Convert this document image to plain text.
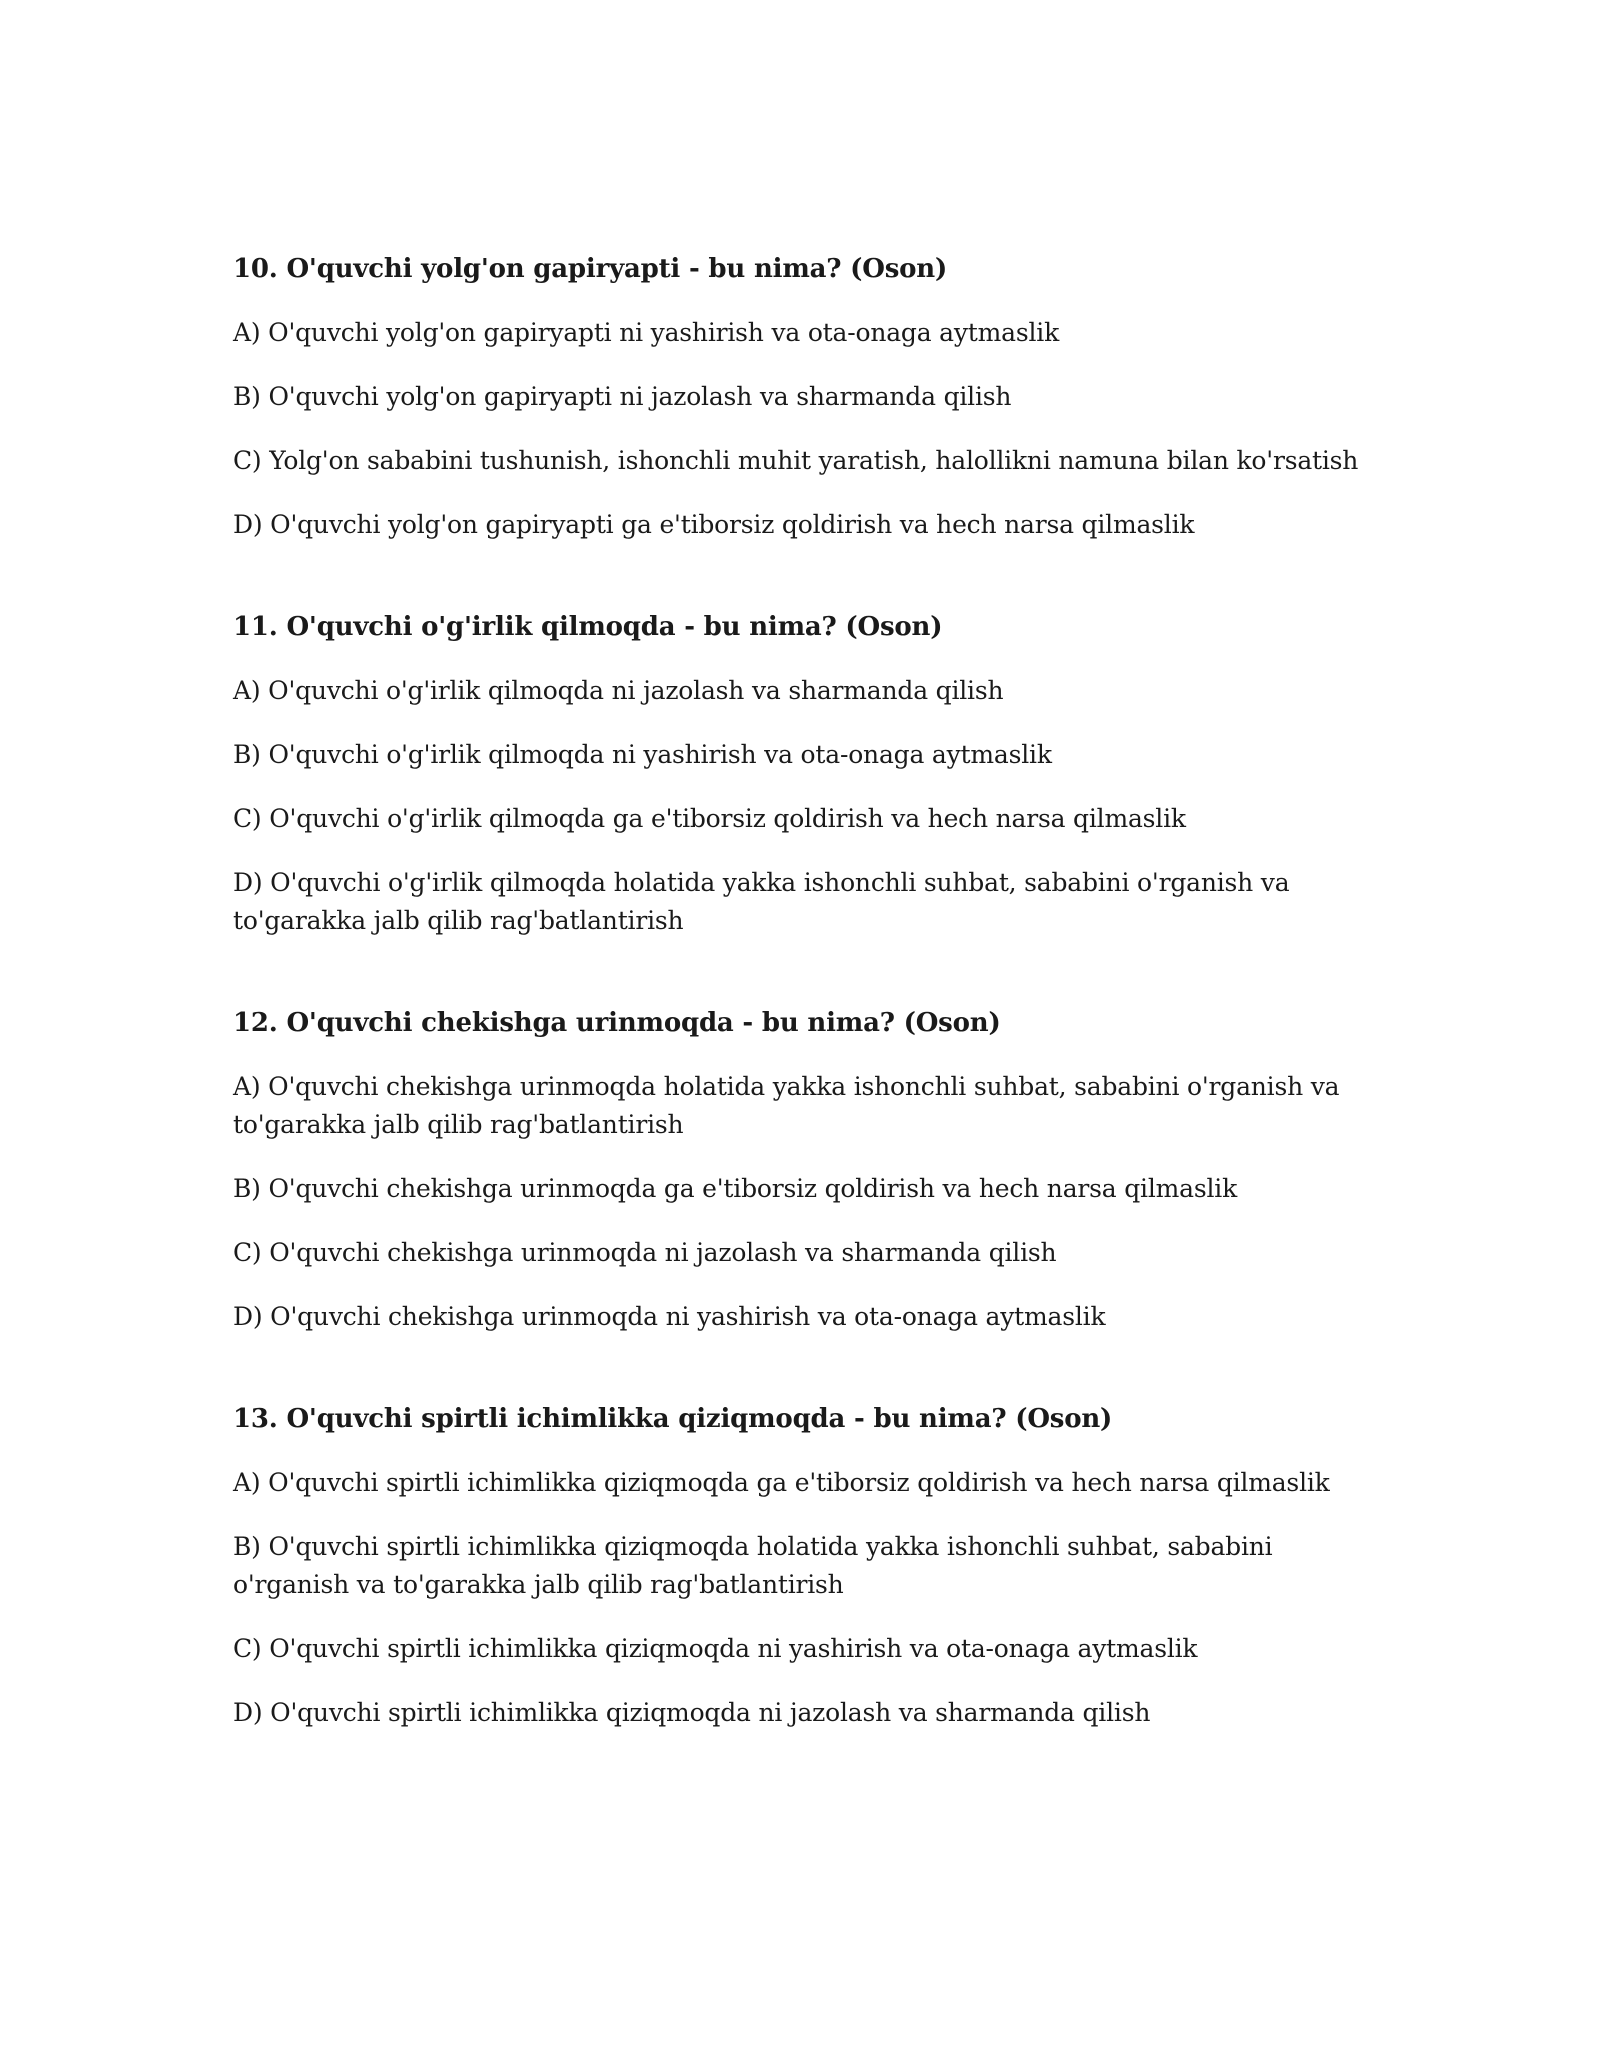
10. O'quvchi yolg'on gapiryapti - bu nima? (Oson)
A) O'quvchi yolg'on gapiryapti ni yashirish va ota-onaga aytmaslik
B) O'quvchi yolg'on gapiryapti ni jazolash va sharmanda qilish
C) Yolg'on sababini tushunish, ishonchli muhit yaratish, halollikni namuna bilan ko'rsatish
D) O'quvchi yolg'on gapiryapti ga e'tiborsiz qoldirish va hech narsa qilmaslik
11. O'quvchi o'g'irlik qilmoqda - bu nima? (Oson)
A) O'quvchi o'g'irlik qilmoqda ni jazolash va sharmanda qilish
B) O'quvchi o'g'irlik qilmoqda ni yashirish va ota-onaga aytmaslik
C) O'quvchi o'g'irlik qilmoqda ga e'tiborsiz qoldirish va hech narsa qilmaslik
D) O'quvchi o'g'irlik qilmoqda holatida yakka ishonchli suhbat, sababini o'rganish va to'garakka jalb qilib rag'batlantirish
12. O'quvchi chekishga urinmoqda - bu nima? (Oson)
A) O'quvchi chekishga urinmoqda holatida yakka ishonchli suhbat, sababini o'rganish va to'garakka jalb qilib rag'batlantirish
B) O'quvchi chekishga urinmoqda ga e'tiborsiz qoldirish va hech narsa qilmaslik
C) O'quvchi chekishga urinmoqda ni jazolash va sharmanda qilish
D) O'quvchi chekishga urinmoqda ni yashirish va ota-onaga aytmaslik
13. O'quvchi spirtli ichimlikka qiziqmoqda - bu nima? (Oson)
A) O'quvchi spirtli ichimlikka qiziqmoqda ga e'tiborsiz qoldirish va hech narsa qilmaslik
B) O'quvchi spirtli ichimlikka qiziqmoqda holatida yakka ishonchli suhbat, sababini o'rganish va to'garakka jalb qilib rag'batlantirish
C) O'quvchi spirtli ichimlikka qiziqmoqda ni yashirish va ota-onaga aytmaslik
D) O'quvchi spirtli ichimlikka qiziqmoqda ni jazolash va sharmanda qilish
